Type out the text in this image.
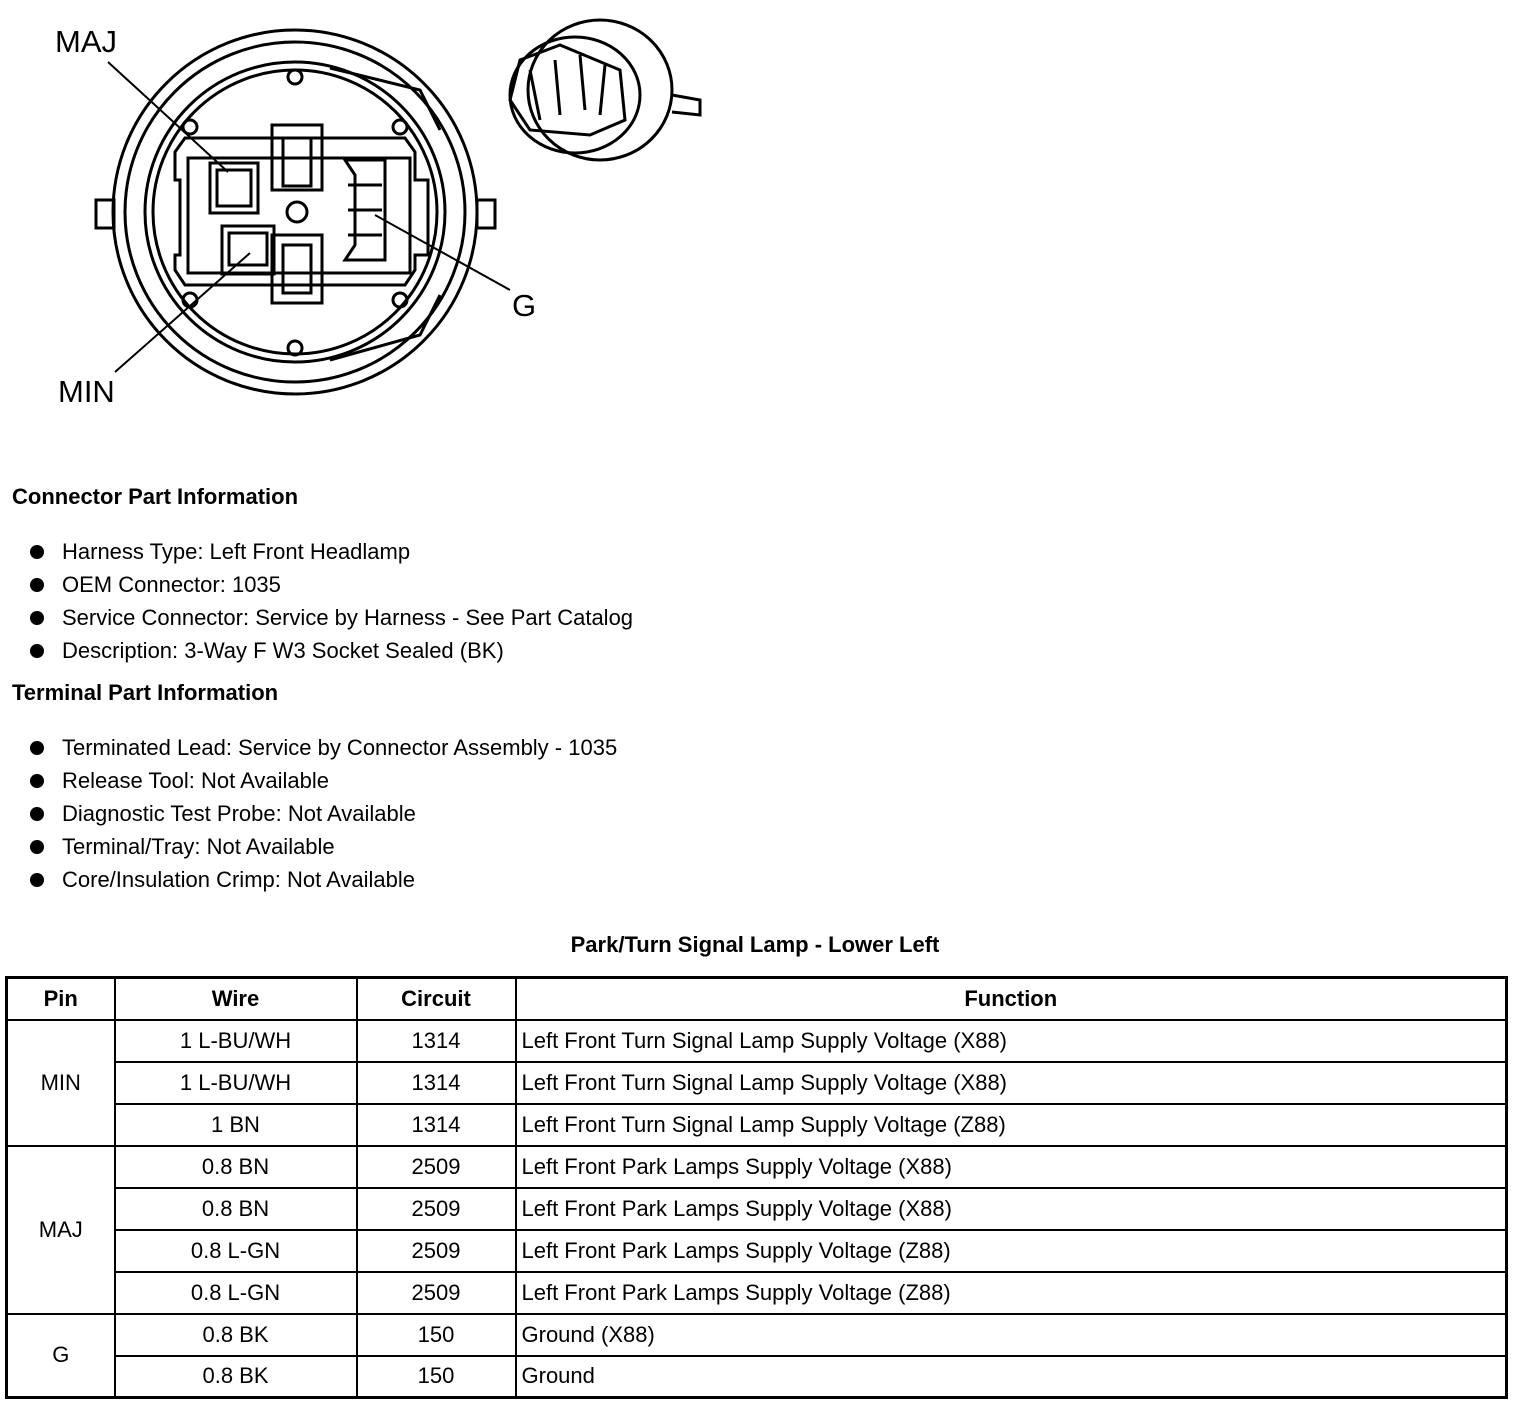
MAJ
MIN
G
Connector Part Information
Harness Type: Left Front Headlamp
OEM Connector: 1035
Service Connector: Service by Harness - See Part Catalog
Description: 3-Way F W3 Socket Sealed (BK)
Terminal Part Information
Terminated Lead: Service by Connector Assembly - 1035
Release Tool: Not Available
Diagnostic Test Probe: Not Available
Terminal/Tray: Not Available
Core/Insulation Crimp: Not Available
Park/Turn Signal Lamp - Lower Left
Pin	Wire	Circuit	Function
MIN	1 L-BU/WH	1314	Left Front Turn Signal Lamp Supply Voltage (X88)
	1 L-BU/WH	1314	Left Front Turn Signal Lamp Supply Voltage (X88)
	1 BN	1314	Left Front Turn Signal Lamp Supply Voltage (Z88)
MAJ	0.8 BN	2509	Left Front Park Lamps Supply Voltage (X88)
	0.8 BN	2509	Left Front Park Lamps Supply Voltage (X88)
	0.8 L-GN	2509	Left Front Park Lamps Supply Voltage (Z88)
	0.8 L-GN	2509	Left Front Park Lamps Supply Voltage (Z88)
G	0.8 BK	150	Ground (X88)
	0.8 BK	150	Ground
